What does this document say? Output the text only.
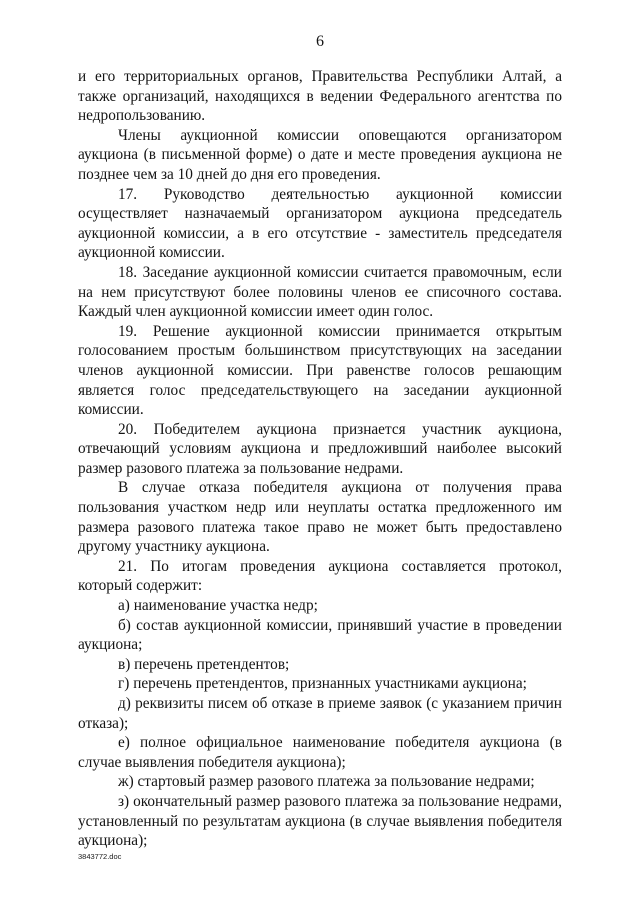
6

и его территориальных органов, Правительства Республики Алтай, а также организаций, находящихся в ведении Федерального агентства по недропользованию.

Члены аукционной комиссии оповещаются организатором аукциона (в письменной форме) о дате и месте проведения аукциона не позднее чем за 10 дней до дня его проведения.

17. Руководство деятельностью аукционной комиссии осуществляет назначаемый организатором аукциона председатель аукционной комиссии, а в его отсутствие - заместитель председателя аукционной комиссии.

18. Заседание аукционной комиссии считается правомочным, если на нем присутствуют более половины членов ее списочного состава. Каждый член аукционной комиссии имеет один голос.

19. Решение аукционной комиссии принимается открытым голосованием простым большинством присутствующих на заседании членов аукционной комиссии. При равенстве голосов решающим является голос председательствующего на заседании аукционной комиссии.

20. Победителем аукциона признается участник аукциона, отвечающий условиям аукциона и предложивший наиболее высокий размер разового платежа за пользование недрами.

В случае отказа победителя аукциона от получения права пользования участком недр или неуплаты остатка предложенного им размера разового платежа такое право не может быть предоставлено другому участнику аукциона.

21. По итогам проведения аукциона составляется протокол, который содержит:

а) наименование участка недр;

б) состав аукционной комиссии, принявший участие в проведении аукциона;

в) перечень претендентов;

г) перечень претендентов, признанных участниками аукциона;

д) реквизиты писем об отказе в приеме заявок (с указанием причин отказа);

е) полное официальное наименование победителя аукциона (в случае выявления победителя аукциона);

ж) стартовый размер разового платежа за пользование недрами;

з) окончательный размер разового платежа за пользование недрами, установленный по результатам аукциона (в случае выявления победителя аукциона);

3843772.doc
